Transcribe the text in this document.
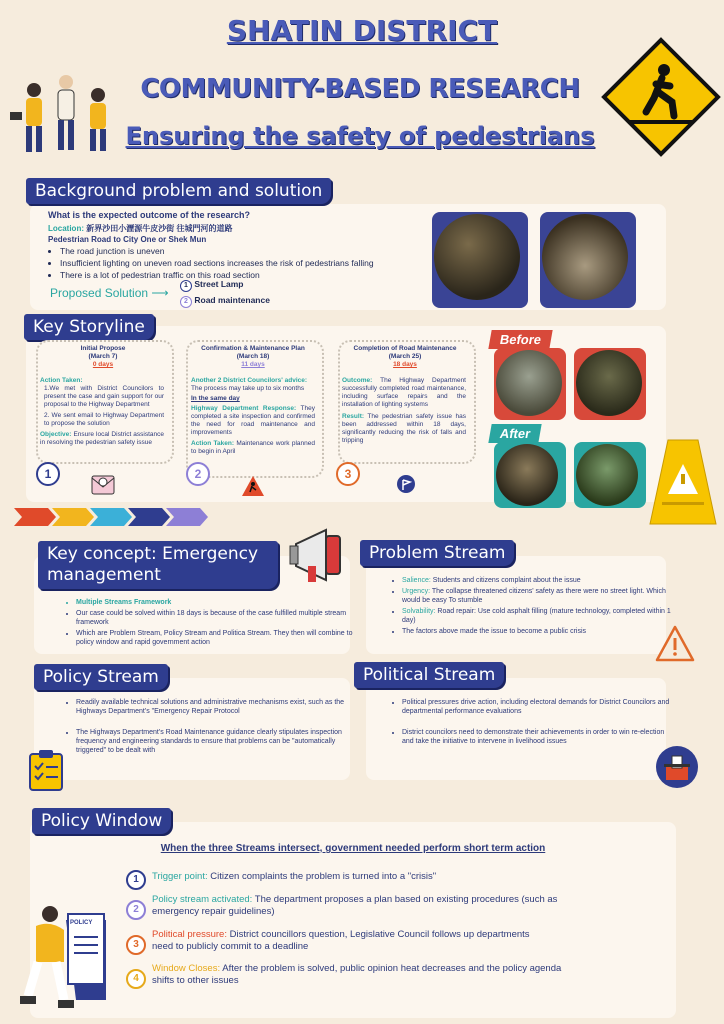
SHATIN DISTRICT
COMMUNITY-BASED RESEARCH
Ensuring the safety of pedestrians
Background problem and solution
What is the expected outcome of the research?
Location: 新界沙田小瀝源牛皮沙街 往城門河的道路
Pedestrian Road to City One or Shek Mun
• The road junction is uneven
• Insufficient lighting on uneven road sections increases the risk of pedestrians falling
• There is a lot of pedestrian traffic on this road section
Proposed Solution ⟶
1 Street Lamp
2 Road maintenance
Key Storyline
Initial Propose
(March 7)
0 days
Action Taken:
1.We met with District Councilors to present the case and gain support for our proposal to the Highway Department
2. We sent email to Highway Department to propose the solution
Objective: Ensure local District assistance in resolving the pedestrian safety issue
1
Confirmation & Maintenance Plan
(March 18)
11 days
Another 2 District Councilors' advice:
The process may take up to six months
In the same day
Highway Department Response: They completed a site inspection and confirmed the need for road maintenance and improvements
Action Taken: Maintenance work planned to begin in April
2
Completion of Road Maintenance
(March 25)
18 days
Outcome: The Highway Department successfully completed road maintenance, including surface repairs and the installation of lighting systems
Result: The pedestrian safety issue has been addressed within 18 days, significantly reducing the risk of falls and tripping
3
Before
After
Key concept: Emergency management
• Multiple Streams Framework
• Our case could be solved within 18 days is because of the case fulfilled multiple stream framework
• Which are Problem Stream, Policy Stream and Politica Stream. They then will combine to policy window and rapid government action
Problem Stream
• Salience: Students and citizens complaint about the issue
• Urgency: The collapse threatened citizens' safety as there were no street light. Which would be easy To stumble
• Solvability: Road repair: Use cold asphalt filling (mature technology, completed within 1 day)
• The factors above made the issue to become a public crisis
Policy Stream
• Readily available technical solutions and administrative mechanisms exist, such as the Highways Department's "Emergency Repair Protocol
• The Highways Department's Road Maintenance guidance clearly stipulates inspection frequency and engineering standards to ensure that problems can be "automatically triggered" to be dealt with
Political Stream
• Political pressures drive action, including electoral demands for District Councilors and departmental performance evaluations
• District councilors need to demonstrate their achievements in order to win re-election and take the initiative to intervene in livelihood issues
Policy Window
When the three Streams intersect, government needed perform short term action
1	Trigger point: Citizen complaints the problem is turned into a "crisis"
2
Policy stream activated: The department proposes a plan based on existing procedures (such as emergency repair guidelines)
3
Political pressure: District councillors question, Legislative Council follows up departments need to publicly commit to a deadline
4
Window Closes: After the problem is solved, public opinion heat decreases and the policy agenda shifts to other issues
POLICY
